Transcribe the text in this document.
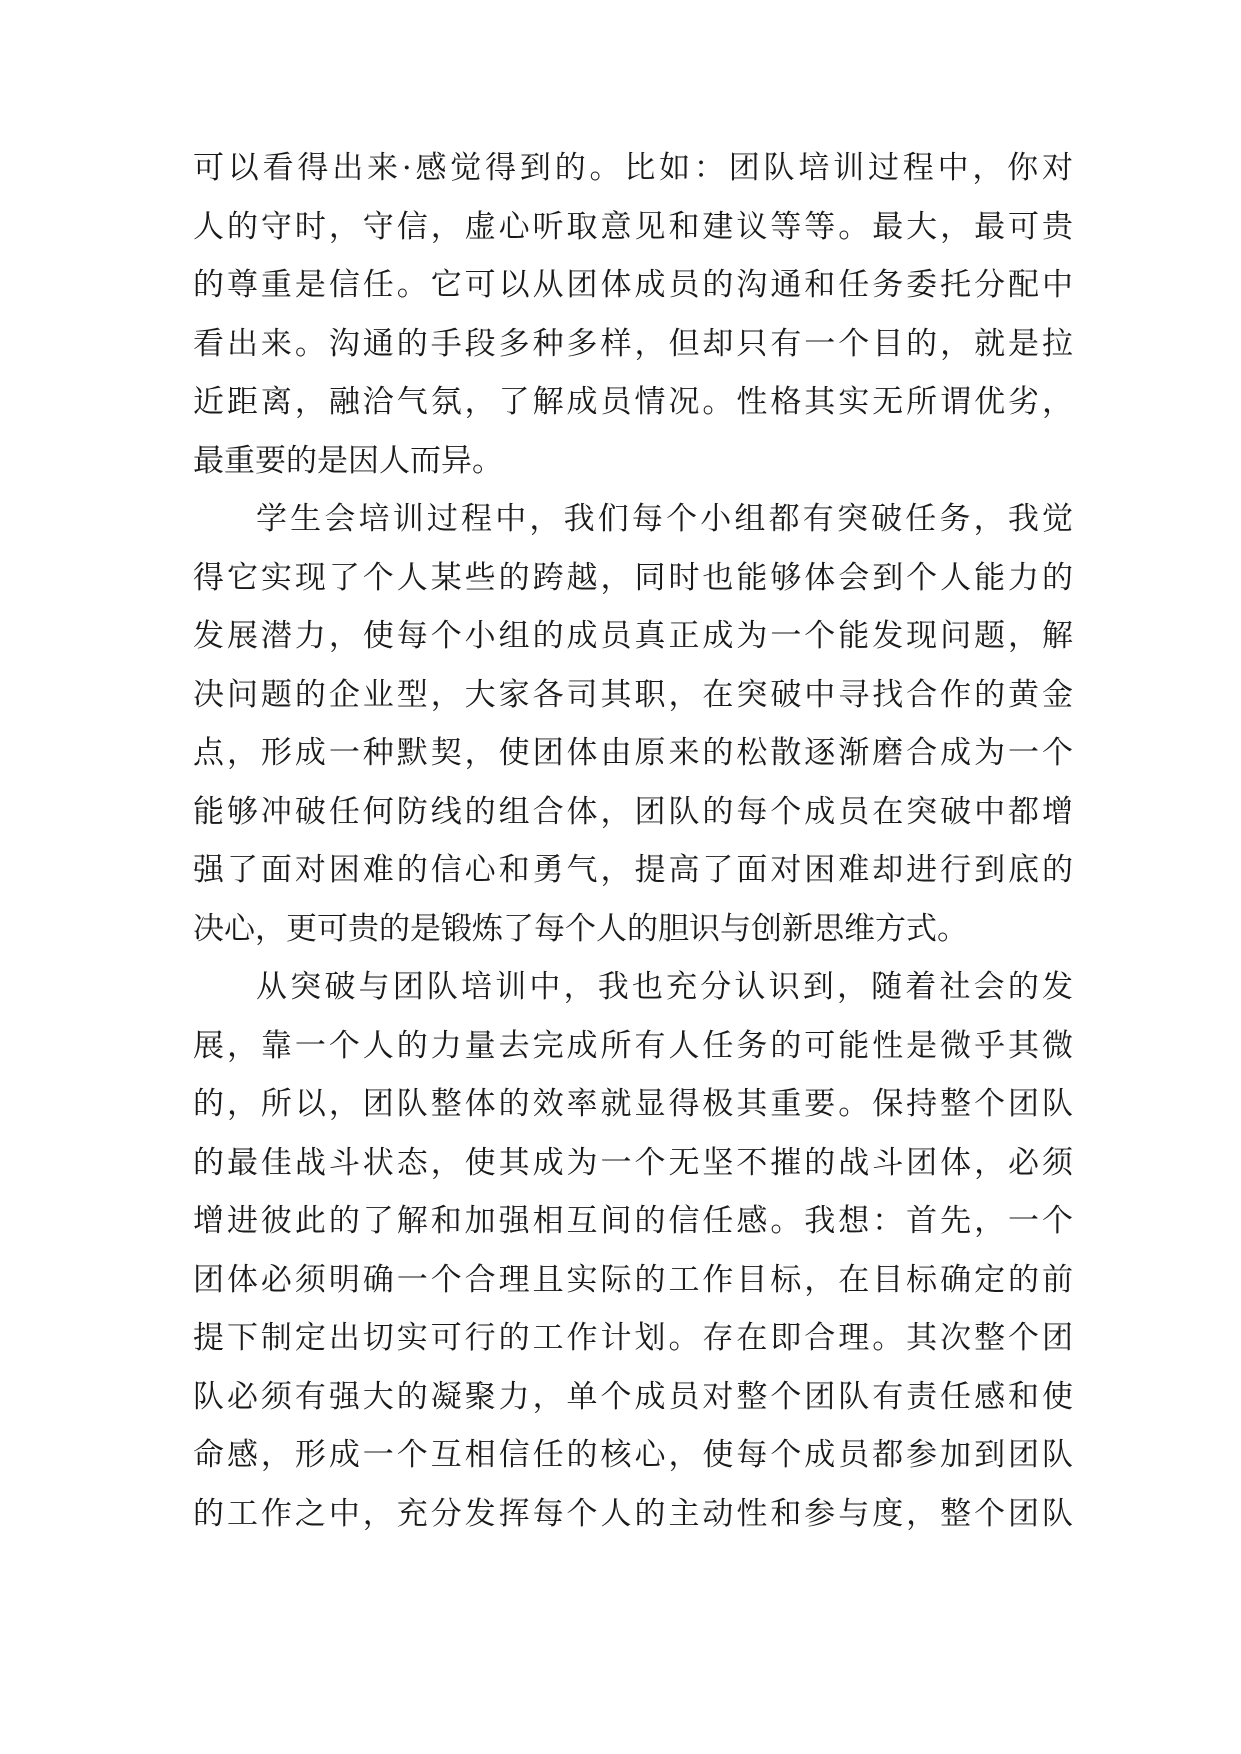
可以看得出来·感觉得到的。比如：团队培训过程中，你对
人的守时，守信，虚心听取意见和建议等等。最大，最可贵
的尊重是信任。它可以从团体成员的沟通和任务委托分配中
看出来。沟通的手段多种多样，但却只有一个目的，就是拉
近距离，融洽气氛，了解成员情况。性格其实无所谓优劣，
最重要的是因人而异。
学生会培训过程中，我们每个小组都有突破任务，我觉
得它实现了个人某些的跨越，同时也能够体会到个人能力的
发展潜力，使每个小组的成员真正成为一个能发现问题，解
决问题的企业型，大家各司其职，在突破中寻找合作的黄金
点，形成一种默契，使团体由原来的松散逐渐磨合成为一个
能够冲破任何防线的组合体，团队的每个成员在突破中都增
强了面对困难的信心和勇气，提高了面对困难却进行到底的
决心，更可贵的是锻炼了每个人的胆识与创新思维方式。
从突破与团队培训中，我也充分认识到，随着社会的发
展，靠一个人的力量去完成所有人任务的可能性是微乎其微
的，所以，团队整体的效率就显得极其重要。保持整个团队
的最佳战斗状态，使其成为一个无坚不摧的战斗团体，必须
增进彼此的了解和加强相互间的信任感。我想：首先，一个
团体必须明确一个合理且实际的工作目标，在目标确定的前
提下制定出切实可行的工作计划。存在即合理。其次整个团
队必须有强大的凝聚力，单个成员对整个团队有责任感和使
命感，形成一个互相信任的核心，使每个成员都参加到团队
的工作之中，充分发挥每个人的主动性和参与度，整个团队
